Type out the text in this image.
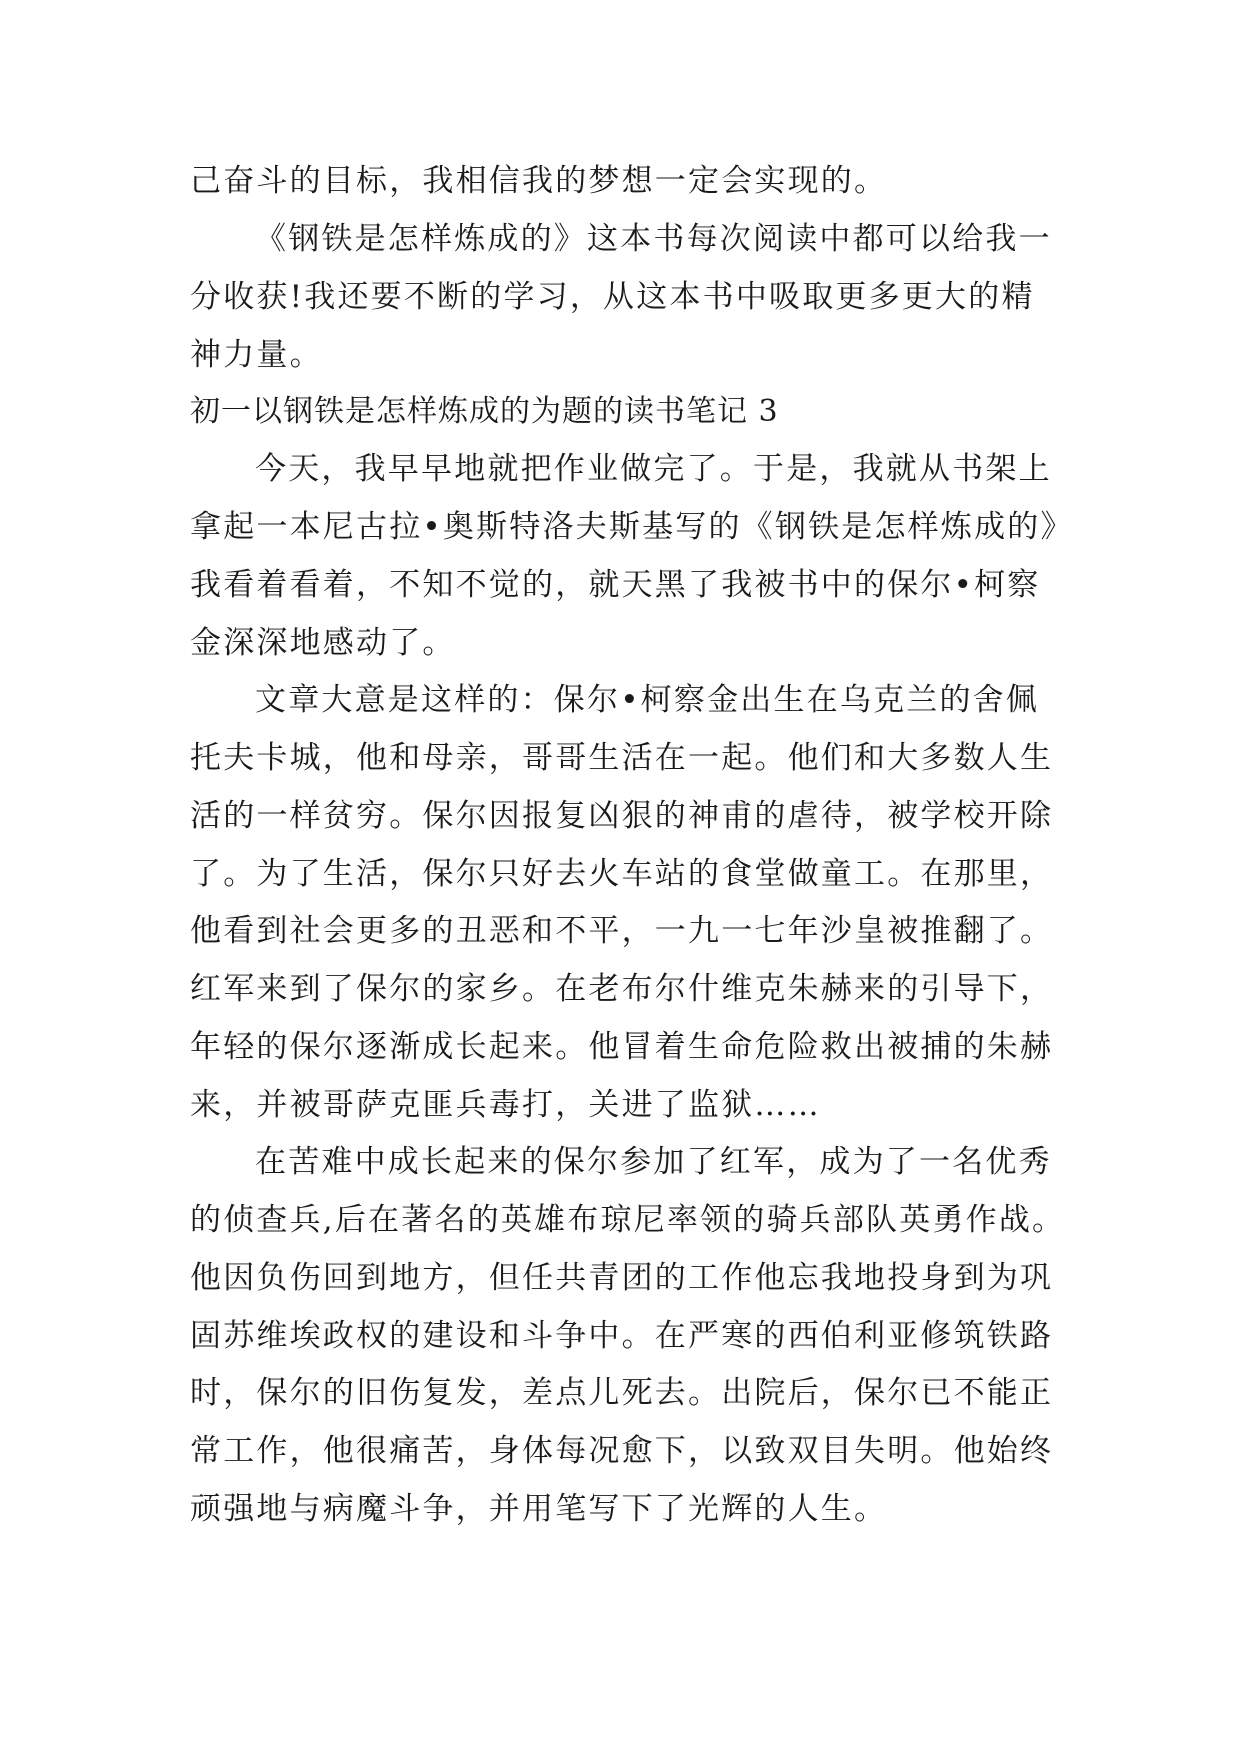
己奋斗的目标，我相信我的梦想一定会实现的。
《钢铁是怎样炼成的》这本书每次阅读中都可以给我一
分收获!我还要不断的学习，从这本书中吸取更多更大的精
神力量。
初一以钢铁是怎样炼成的为题的读书笔记 3
今天，我早早地就把作业做完了。于是，我就从书架上
拿起一本尼古拉•奥斯特洛夫斯基写的《钢铁是怎样炼成的》
我看着看着，不知不觉的，就天黑了我被书中的保尔•柯察
金深深地感动了。
文章大意是这样的：保尔•柯察金出生在乌克兰的舍佩
托夫卡城，他和母亲，哥哥生活在一起。他们和大多数人生
活的一样贫穷。保尔因报复凶狠的神甫的虐待，被学校开除
了。为了生活，保尔只好去火车站的食堂做童工。在那里，
他看到社会更多的丑恶和不平，一九一七年沙皇被推翻了。
红军来到了保尔的家乡。在老布尔什维克朱赫来的引导下，
年轻的保尔逐渐成长起来。他冒着生命危险救出被捕的朱赫
来，并被哥萨克匪兵毒打，关进了监狱……
在苦难中成长起来的保尔参加了红军，成为了一名优秀
的侦查兵,后在著名的英雄布琼尼率领的骑兵部队英勇作战。
他因负伤回到地方，但任共青团的工作他忘我地投身到为巩
固苏维埃政权的建设和斗争中。在严寒的西伯利亚修筑铁路
时，保尔的旧伤复发，差点儿死去。出院后，保尔已不能正
常工作，他很痛苦，身体每况愈下，以致双目失明。他始终
顽强地与病魔斗争，并用笔写下了光辉的人生。
